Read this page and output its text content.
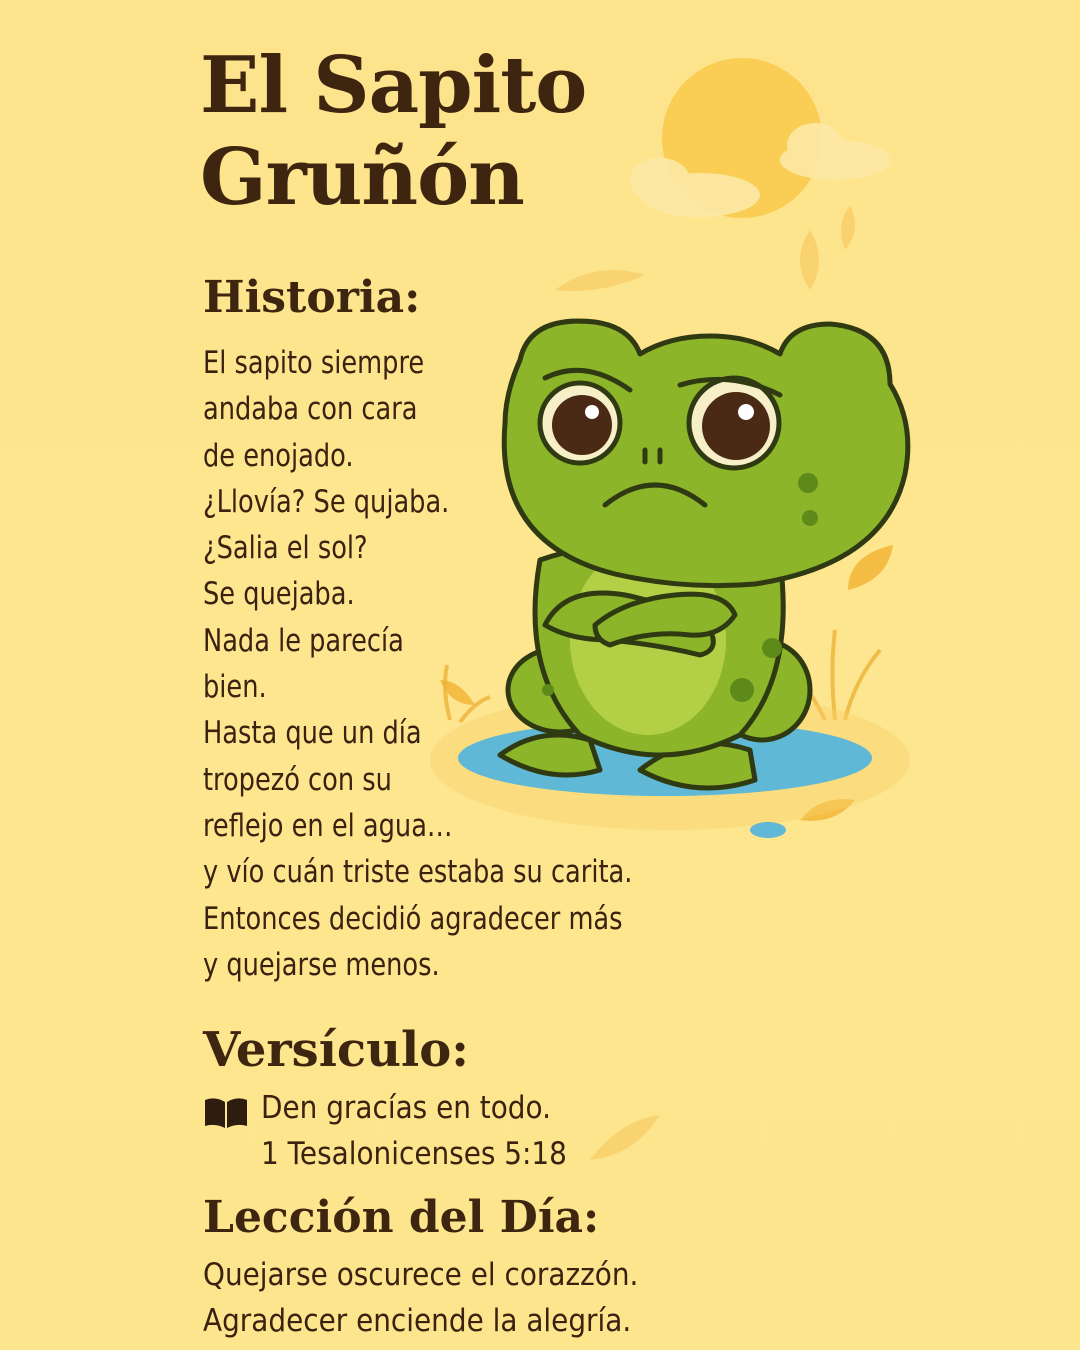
El Sapito
Gruñón
Historia:
El sapito siempre
andaba con cara
de enojado.
¿Llovía? Se qujaba.
¿Salia el sol?
Se quejaba.
Nada le parecía
bien.
Hasta que un día
tropezó con su
reflejo en el agua…
y vío cuán triste estaba su carita.
Entonces decidió agradecer más
y quejarse menos.
Versículo:
Den gracías en todo.
1 Tesalonicenses 5:18
Lección del Día:
Quejarse oscurece el corazzón.
Agradecer enciende la alegría.
